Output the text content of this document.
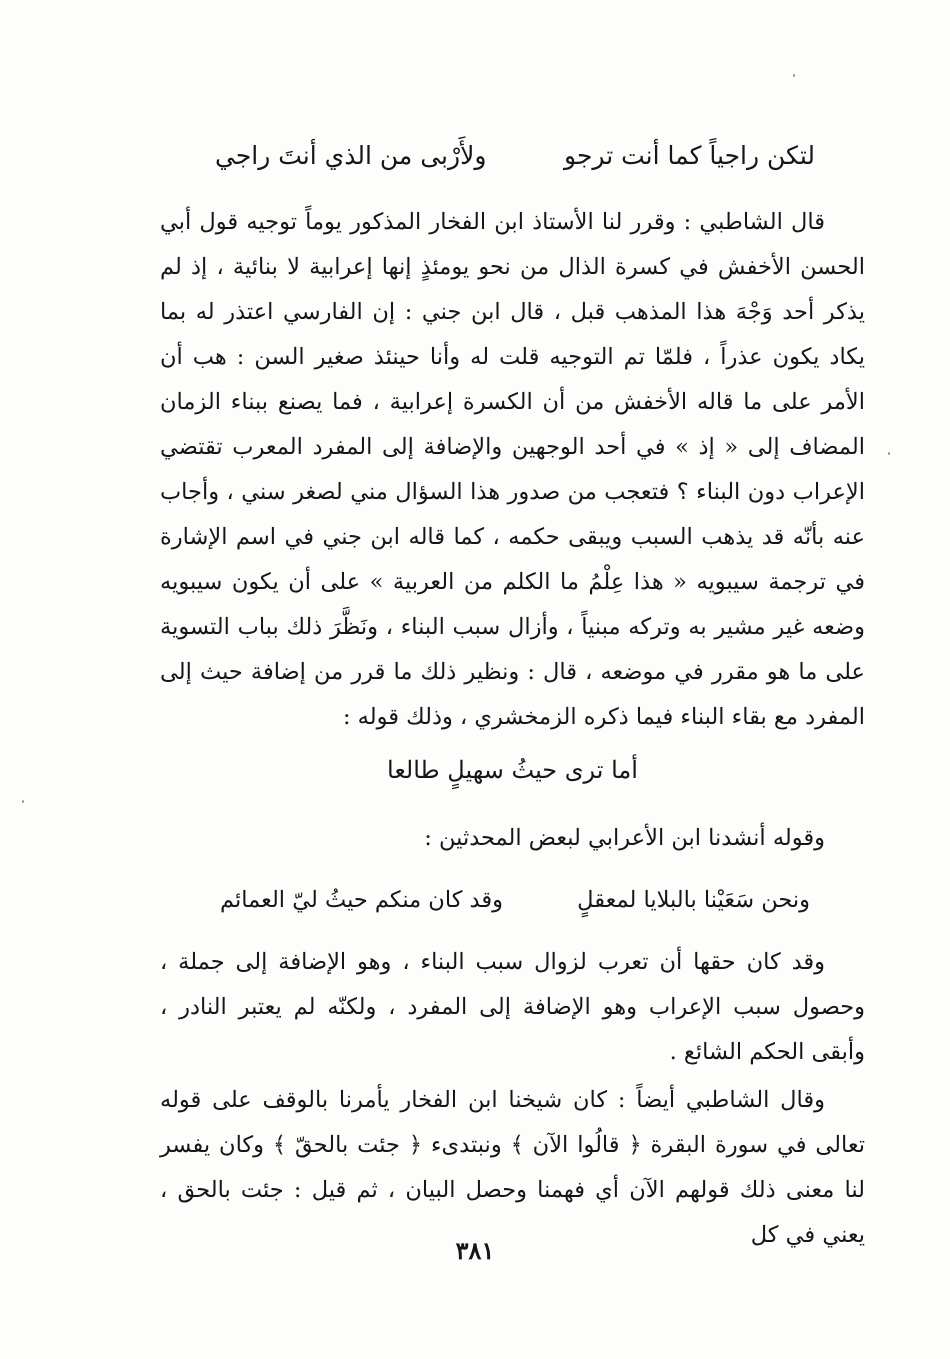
لتكن راجياً كما أنت ترجو
ولأَرْبى من الذي أنتَ راجي

قال الشاطبي : وقرر لنا الأستاذ ابن الفخار المذكور يوماً توجيه قول أبي الحسن الأخفش في كسرة الذال من نحو يومئذٍ إنها إعرابية لا بنائية ، إذ لم يذكر أحد وَجْهَ هذا المذهب قبل ، قال ابن جني : إن الفارسي اعتذر له بما يكاد يكون عذراً ، فلمّا تم التوجيه قلت له وأنا حينئذ صغير السن : هب أن الأمر على ما قاله الأخفش من أن الكسرة إعرابية ، فما يصنع ببناء الزمان المضاف إلى « إذ » في أحد الوجهين والإضافة إلى المفرد المعرب تقتضي الإعراب دون البناء ؟ فتعجب من صدور هذا السؤال مني لصغر سني ، وأجاب عنه بأنّه قد يذهب السبب ويبقى حكمه ، كما قاله ابن جني في اسم الإشارة في ترجمة سيبويه « هذا عِلْمُ ما الكلم من العربية » على أن يكون سيبويه وضعه غير مشير به وتركه مبنياً ، وأزال سبب البناء ، ونَظَّرَ ذلك بباب التسوية على ما هو مقرر في موضعه ، قال : ونظير ذلك ما قرر من إضافة حيث إلى المفرد مع بقاء البناء فيما ذكره الزمخشري ، وذلك قوله :

أما ترى حيثُ سهيلٍ طالعا
وقوله أنشدنا ابن الأعرابي لبعض المحدثين :
ونحن سَعَيْنا بالبلايا لمعقلٍ
وقد كان منكم حيثُ ليّ العمائم

وقد كان حقها أن تعرب لزوال سبب البناء ، وهو الإضافة إلى جملة ، وحصول سبب الإعراب وهو الإضافة إلى المفرد ، ولكنّه لم يعتبر النادر ، وأبقى الحكم الشائع .

وقال الشاطبي أيضاً : كان شيخنا ابن الفخار يأمرنا بالوقف على قوله تعالى في سورة البقرة ﴿ قالُوا الآن ﴾ ونبتدىء ﴿ جئت بالحقّ ﴾ وكان يفسر لنا معنى ذلك قولهم الآن أي فهمنا وحصل البيان ، ثم قيل : جئت بالحق ، يعني في كل

٣٨١
